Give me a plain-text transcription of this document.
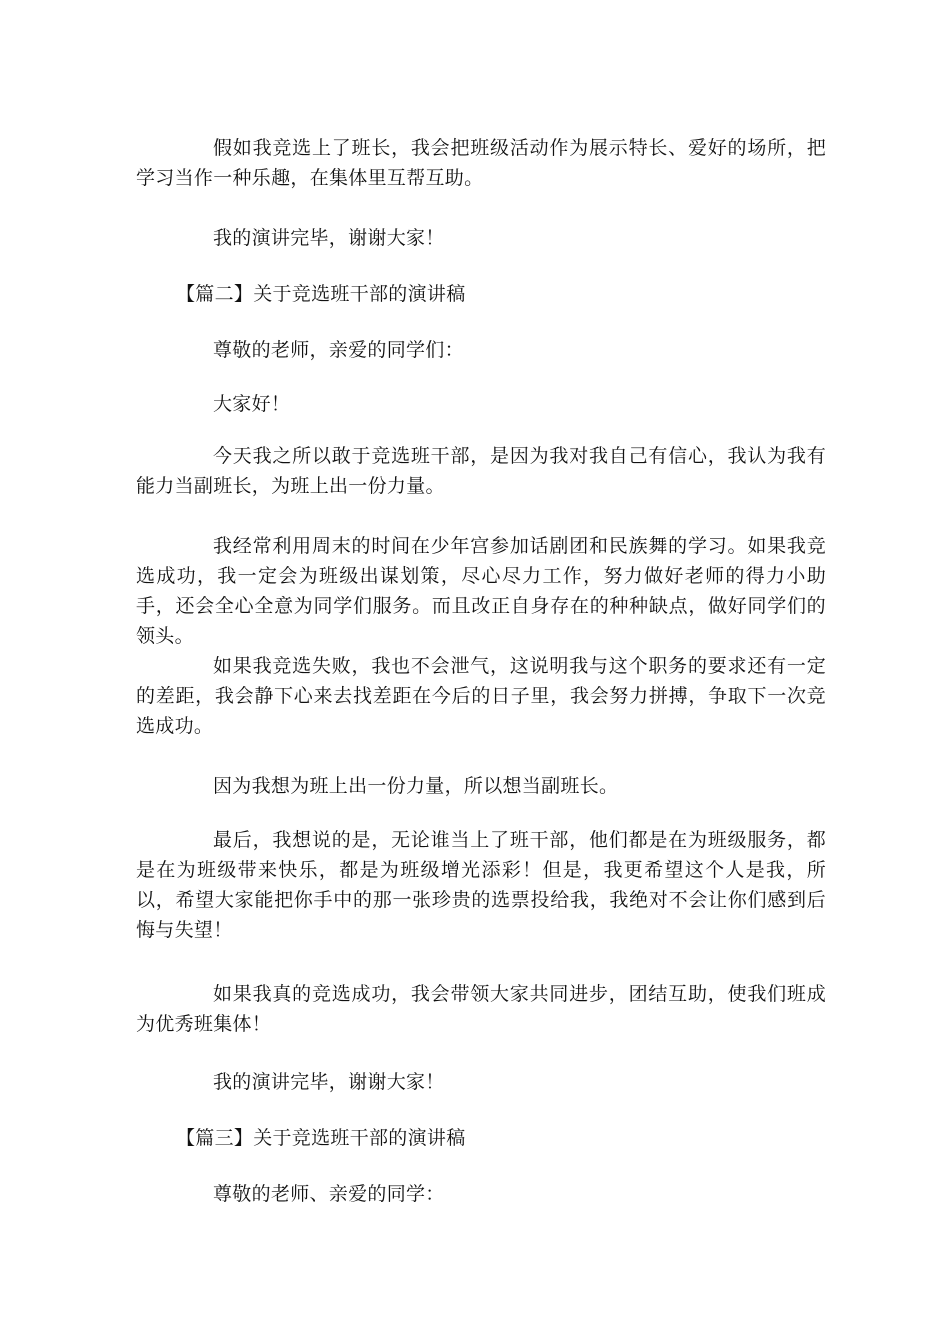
假如我竞选上了班长，我会把班级活动作为展示特长、爱好的场所，把学习当作一种乐趣，在集体里互帮互助。

我的演讲完毕，谢谢大家！

【篇二】关于竞选班干部的演讲稿

尊敬的老师，亲爱的同学们：

大家好！

今天我之所以敢于竞选班干部，是因为我对我自己有信心，我认为我有能力当副班长，为班上出一份力量。

我经常利用周末的时间在少年宫参加话剧团和民族舞的学习。如果我竞选成功，我一定会为班级出谋划策，尽心尽力工作，努力做好老师的得力小助手，还会全心全意为同学们服务。而且改正自身存在的种种缺点，做好同学们的领头。

如果我竞选失败，我也不会泄气，这说明我与这个职务的要求还有一定的差距，我会静下心来去找差距在今后的日子里，我会努力拼搏，争取下一次竞选成功。

因为我想为班上出一份力量，所以想当副班长。

最后，我想说的是，无论谁当上了班干部，他们都是在为班级服务，都是在为班级带来快乐，都是为班级增光添彩！但是，我更希望这个人是我，所以，希望大家能把你手中的那一张珍贵的选票投给我，我绝对不会让你们感到后悔与失望！

如果我真的竞选成功，我会带领大家共同进步，团结互助，使我们班成为优秀班集体！

我的演讲完毕，谢谢大家！

【篇三】关于竞选班干部的演讲稿

尊敬的老师、亲爱的同学：
